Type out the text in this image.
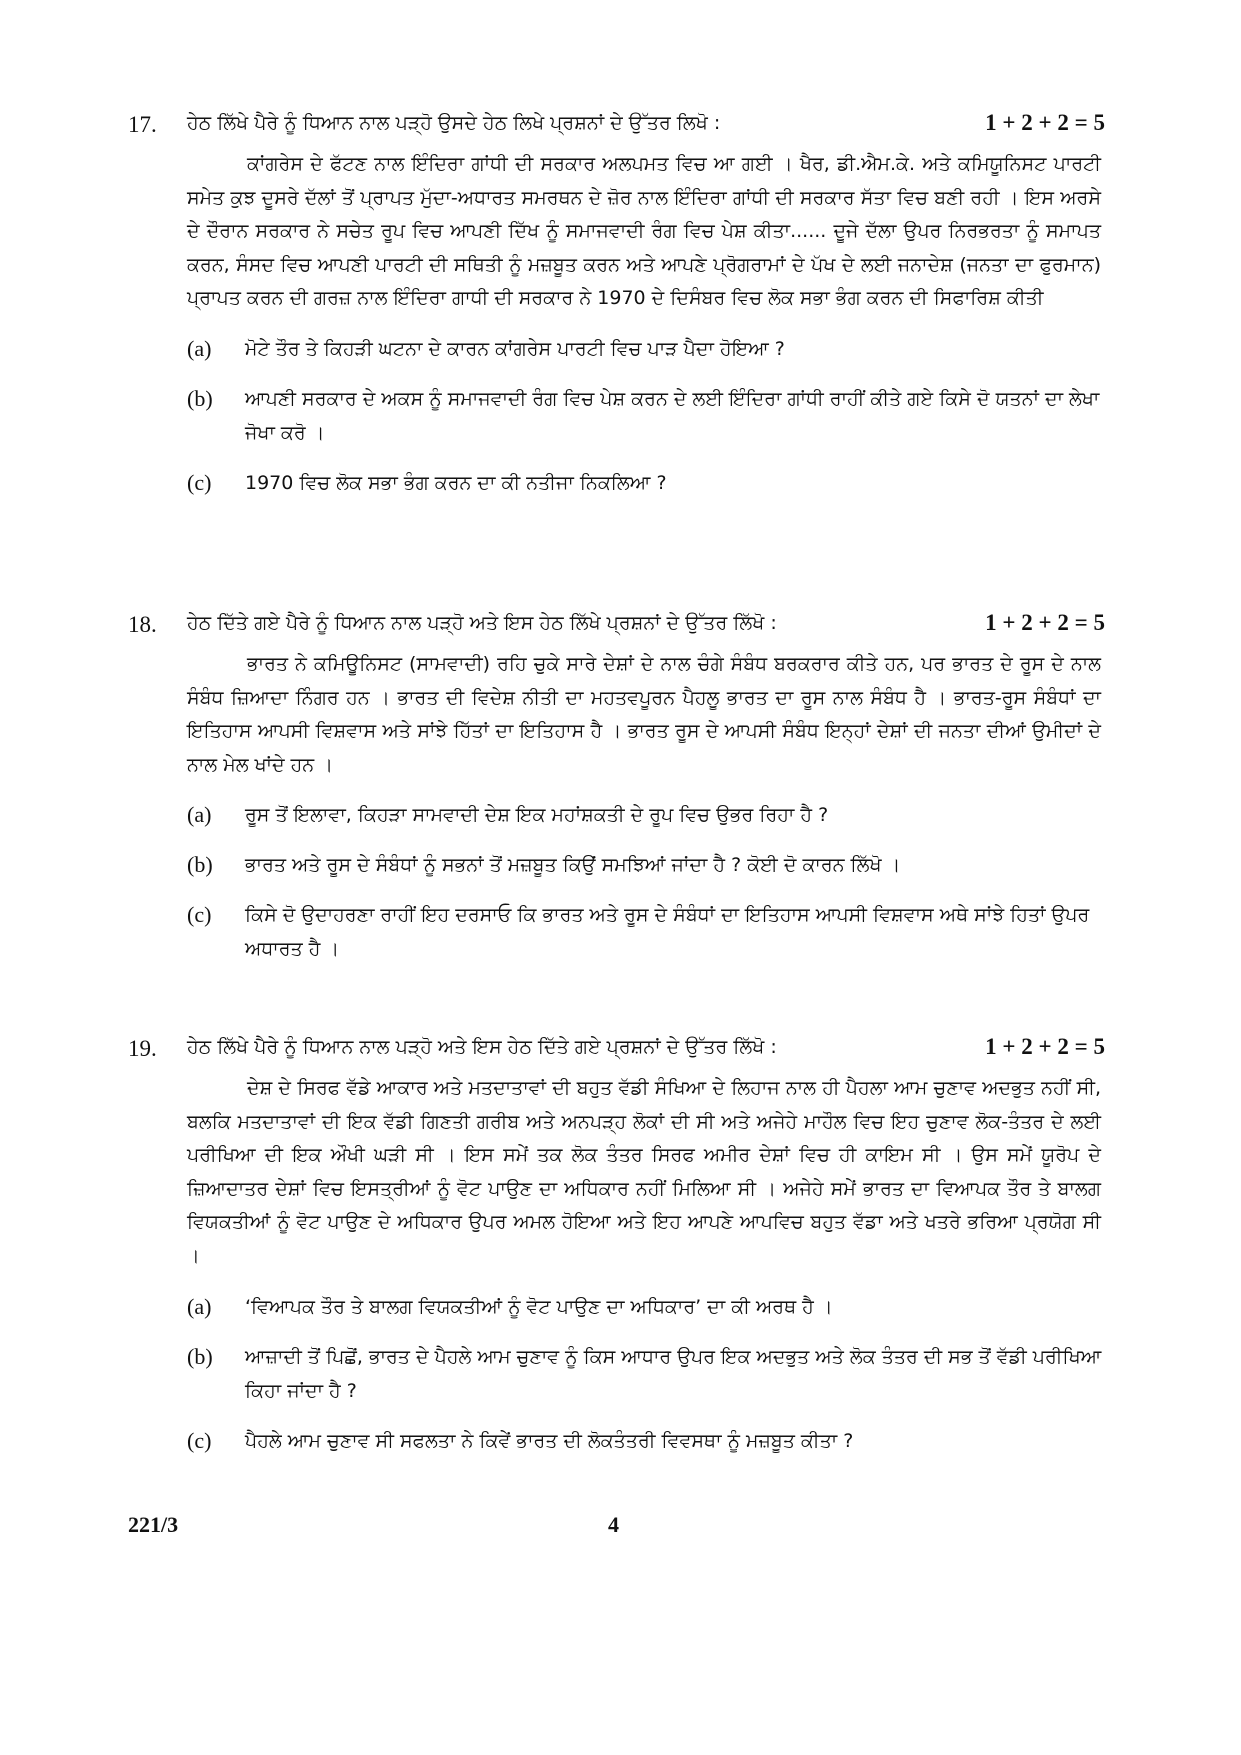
17. ਹੇਠ ਲਿੱਖੇ ਪੈਰੇ ਨੂੰ ਧਿਆਨ ਨਾਲ ਪੜ੍ਹੋ ਉਸਦੇ ਹੇਠ ਲਿਖੇ ਪ੍ਰਸ਼ਨਾਂ ਦੇ ਉੱਤਰ ਲਿਖੋ :	1 + 2 + 2 = 5
ਕਾਂਗਰੇਸ ਦੇ ਫੱਟਣ ਨਾਲ ਇੰਦਿਰਾ ਗਾਂਧੀ ਦੀ ਸਰਕਾਰ ਅਲਪਮਤ ਵਿਚ ਆ ਗਈ । ਖੈਰ, ਡੀ.ਐਮ.ਕੇ. ਅਤੇ ਕਮਿਯੂਨਿਸਟ ਪਾਰਟੀ ਸਮੇਤ ਕੁਝ ਦੂਸਰੇ ਦੱਲਾਂ ਤੋਂ ਪ੍ਰਾਪਤ ਮੁੱਦਾ-ਅਧਾਰਤ ਸਮਰਥਨ ਦੇ ਜ਼ੋਰ ਨਾਲ ਇੰਦਿਰਾ ਗਾਂਧੀ ਦੀ ਸਰਕਾਰ ਸੱਤਾ ਵਿਚ ਬਣੀ ਰਹੀ । ਇਸ ਅਰਸੇ ਦੇ ਦੌਰਾਨ ਸਰਕਾਰ ਨੇ ਸਚੇਤ ਰੂਪ ਵਿਚ ਆਪਣੀ ਦਿੱਖ ਨੂੰ ਸਮਾਜਵਾਦੀ ਰੰਗ ਵਿਚ ਪੇਸ਼ ਕੀਤਾ...... ਦੂਜੇ ਦੱਲਾ ਉਪਰ ਨਿਰਭਰਤਾ ਨੂੰ ਸਮਾਪਤ ਕਰਨ, ਸੰਸਦ ਵਿਚ ਆਪਣੀ ਪਾਰਟੀ ਦੀ ਸਥਿਤੀ ਨੂੰ ਮਜ਼ਬੂਤ ਕਰਨ ਅਤੇ ਆਪਣੇ ਪ੍ਰੋਗਰਾਮਾਂ ਦੇ ਪੱਖ ਦੇ ਲਈ ਜਨਾਦੇਸ਼ (ਜਨਤਾ ਦਾ ਫੁਰਮਾਨ) ਪ੍ਰਾਪਤ ਕਰਨ ਦੀ ਗਰਜ਼ ਨਾਲ ਇੰਦਿਰਾ ਗਾਧੀ ਦੀ ਸਰਕਾਰ ਨੇ 1970 ਦੇ ਦਿਸੰਬਰ ਵਿਚ ਲੋਕ ਸਭਾ ਭੰਗ ਕਰਨ ਦੀ ਸਿਫਾਰਿਸ਼ ਕੀਤੀ
(a) ਮੋਟੇ ਤੌਰ ਤੇ ਕਿਹੜੀ ਘਟਨਾ ਦੇ ਕਾਰਨ ਕਾਂਗਰੇਸ ਪਾਰਟੀ ਵਿਚ ਪਾੜ ਪੈਦਾ ਹੋਇਆ ?
(b) ਆਪਣੀ ਸਰਕਾਰ ਦੇ ਅਕਸ ਨੂੰ ਸਮਾਜਵਾਦੀ ਰੰਗ ਵਿਚ ਪੇਸ਼ ਕਰਨ ਦੇ ਲਈ ਇੰਦਿਰਾ ਗਾਂਧੀ ਰਾਹੀਂ ਕੀਤੇ ਗਏ ਕਿਸੇ ਦੋ ਯਤਨਾਂ ਦਾ ਲੇਖਾ ਜੋਖਾ ਕਰੋ ।
(c) 1970 ਵਿਚ ਲੋਕ ਸਭਾ ਭੰਗ ਕਰਨ ਦਾ ਕੀ ਨਤੀਜਾ ਨਿਕਲਿਆ ?
18. ਹੇਠ ਦਿੱਤੇ ਗਏ ਪੈਰੇ ਨੂੰ ਧਿਆਨ ਨਾਲ ਪੜ੍ਹੋ ਅਤੇ ਇਸ ਹੇਠ ਲਿੱਖੇ ਪ੍ਰਸ਼ਨਾਂ ਦੇ ਉੱਤਰ ਲਿੱਖੋ :	1 + 2 + 2 = 5
ਭਾਰਤ ਨੇ ਕਮਿਊਨਿਸਟ (ਸਾਮਵਾਦੀ) ਰਹਿ ਚੁਕੇ ਸਾਰੇ ਦੇਸ਼ਾਂ ਦੇ ਨਾਲ ਚੰਗੇ ਸੰਬੰਧ ਬਰਕਰਾਰ ਕੀਤੇ ਹਨ, ਪਰ ਭਾਰਤ ਦੇ ਰੂਸ ਦੇ ਨਾਲ ਸੰਬੰਧ ਜ਼ਿਆਦਾ ਨਿੰਗਰ ਹਨ । ਭਾਰਤ ਦੀ ਵਿਦੇਸ਼ ਨੀਤੀ ਦਾ ਮਹਤਵਪੂਰਨ ਪੈਹਲੂ ਭਾਰਤ ਦਾ ਰੂਸ ਨਾਲ ਸੰਬੰਧ ਹੈ । ਭਾਰਤ-ਰੂਸ ਸੰਬੰਧਾਂ ਦਾ ਇਤਿਹਾਸ ਆਪਸੀ ਵਿਸ਼ਵਾਸ ਅਤੇ ਸਾਂਝੇ ਹਿੱਤਾਂ ਦਾ ਇਤਿਹਾਸ ਹੈ । ਭਾਰਤ ਰੂਸ ਦੇ ਆਪਸੀ ਸੰਬੰਧ ਇਨ੍ਹਾਂ ਦੇਸ਼ਾਂ ਦੀ ਜਨਤਾ ਦੀਆਂ ਉਮੀਦਾਂ ਦੇ ਨਾਲ ਮੇਲ ਖਾਂਦੇ ਹਨ ।
(a) ਰੂਸ ਤੋਂ ਇਲਾਵਾ, ਕਿਹੜਾ ਸਾਮਵਾਦੀ ਦੇਸ਼ ਇਕ ਮਹਾਂਸ਼ਕਤੀ ਦੇ ਰੂਪ ਵਿਚ ਉਭਰ ਰਿਹਾ ਹੈ ?
(b) ਭਾਰਤ ਅਤੇ ਰੂਸ ਦੇ ਸੰਬੰਧਾਂ ਨੂੰ ਸਭਨਾਂ ਤੋਂ ਮਜ਼ਬੂਤ ਕਿਉਂ ਸਮਝਿਆਂ ਜਾਂਦਾ ਹੈ ? ਕੋਈ ਦੋ ਕਾਰਨ ਲਿੱਖੋ ।
(c) ਕਿਸੇ ਦੋ ਉਦਾਹਰਣਾ ਰਾਹੀਂ ਇਹ ਦਰਸਾਓ ਕਿ ਭਾਰਤ ਅਤੇ ਰੂਸ ਦੇ ਸੰਬੰਧਾਂ ਦਾ ਇਤਿਹਾਸ ਆਪਸੀ ਵਿਸ਼ਵਾਸ ਅਥੇ ਸਾਂਝੇ ਹਿਤਾਂ ਉਪਰ ਅਧਾਰਤ ਹੈ ।
19. ਹੇਠ ਲਿੱਖੇ ਪੈਰੇ ਨੂੰ ਧਿਆਨ ਨਾਲ ਪੜ੍ਹੋ ਅਤੇ ਇਸ ਹੇਠ ਦਿੱਤੇ ਗਏ ਪ੍ਰਸ਼ਨਾਂ ਦੇ ਉੱਤਰ ਲਿੱਖੋ :	1 + 2 + 2 = 5
ਦੇਸ਼ ਦੇ ਸਿਰਫ ਵੱਡੇ ਆਕਾਰ ਅਤੇ ਮਤਦਾਤਾਵਾਂ ਦੀ ਬਹੁਤ ਵੱਡੀ ਸੰਖਿਆ ਦੇ ਲਿਹਾਜ ਨਾਲ ਹੀ ਪੈਹਲਾ ਆਮ ਚੁਣਾਵ ਅਦਭੁਤ ਨਹੀਂ ਸੀ, ਬਲਕਿ ਮਤਦਾਤਾਵਾਂ ਦੀ ਇਕ ਵੱਡੀ ਗਿਣਤੀ ਗਰੀਬ ਅਤੇ ਅਨਪੜ੍ਹ ਲੋਕਾਂ ਦੀ ਸੀ ਅਤੇ ਅਜੇਹੇ ਮਾਹੌਲ ਵਿਚ ਇਹ ਚੁਣਾਵ ਲੋਕ-ਤੰਤਰ ਦੇ ਲਈ ਪਰੀਖਿਆ ਦੀ ਇਕ ਔਖੀ ਘੜੀ ਸੀ । ਇਸ ਸਮੇਂ ਤਕ ਲੋਕ ਤੰਤਰ ਸਿਰਫ ਅਮੀਰ ਦੇਸ਼ਾਂ ਵਿਚ ਹੀ ਕਾਇਮ ਸੀ । ਉਸ ਸਮੇਂ ਯੂਰੋਪ ਦੇ ਜ਼ਿਆਦਾਤਰ ਦੇਸ਼ਾਂ ਵਿਚ ਇਸਤ੍ਰੀਆਂ ਨੂੰ ਵੋਟ ਪਾਉਣ ਦਾ ਅਧਿਕਾਰ ਨਹੀਂ ਮਿਲਿਆ ਸੀ । ਅਜੇਹੇ ਸਮੇਂ ਭਾਰਤ ਦਾ ਵਿਆਪਕ ਤੌਰ ਤੇ ਬਾਲਗ ਵਿਯਕਤੀਆਂ ਨੂੰ ਵੋਟ ਪਾਉਣ ਦੇ ਅਧਿਕਾਰ ਉਪਰ ਅਮਲ ਹੋਇਆ ਅਤੇ ਇਹ ਆਪਣੇ ਆਪਵਿਚ ਬਹੁਤ ਵੱਡਾ ਅਤੇ ਖਤਰੇ ਭਰਿਆ ਪ੍ਰਯੋਗ ਸੀ ।
(a) ‘ਵਿਆਪਕ ਤੌਰ ਤੇ ਬਾਲਗ ਵਿਯਕਤੀਆਂ ਨੂੰ ਵੋਟ ਪਾਉਣ ਦਾ ਅਧਿਕਾਰ’ ਦਾ ਕੀ ਅਰਥ ਹੈ ।
(b) ਆਜ਼ਾਦੀ ਤੋਂ ਪਿਛੋਂ, ਭਾਰਤ ਦੇ ਪੈਹਲੇ ਆਮ ਚੁਣਾਵ ਨੂੰ ਕਿਸ ਆਧਾਰ ਉਪਰ ਇਕ ਅਦਭੁਤ ਅਤੇ ਲੋਕ ਤੰਤਰ ਦੀ ਸਭ ਤੋਂ ਵੱਡੀ ਪਰੀਖਿਆ ਕਿਹਾ ਜਾਂਦਾ ਹੈ ?
(c) ਪੈਹਲੇ ਆਮ ਚੁਣਾਵ ਸੀ ਸਫਲਤਾ ਨੇ ਕਿਵੇਂ ਭਾਰਤ ਦੀ ਲੋਕਤੰਤਰੀ ਵਿਵਸਥਾ ਨੂੰ ਮਜ਼ਬੂਤ ਕੀਤਾ ?
221/3	4
